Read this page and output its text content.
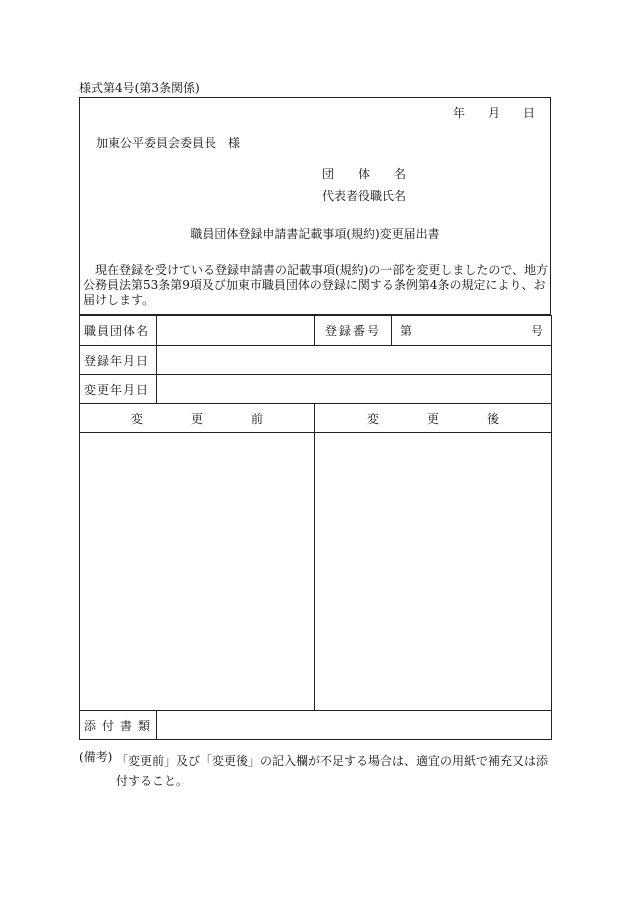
様式第4号(第3条関係)
年 月 日
加東公平委員会委員長　様
団　　体　　名
代表者役職氏名
職員団体登録申請書記載事項(規約)変更届出書
現在登録を受けている登録申請書の記載事項(規約)の一部を変更しましたので、地方公務員法第53条第9項及び加東市職員団体の登録に関する条例第4条の規定により、お届けします。
職員団体名		登録番号	第 号

登録年月日			
変更年月日			
変　　　　更　　　　前		変　　　　更　　　　後	

添付書類			
(備考) 「変更前」及び「変更後」の記入欄が不足する場合は、適宜の用紙で補充又は添付すること。
